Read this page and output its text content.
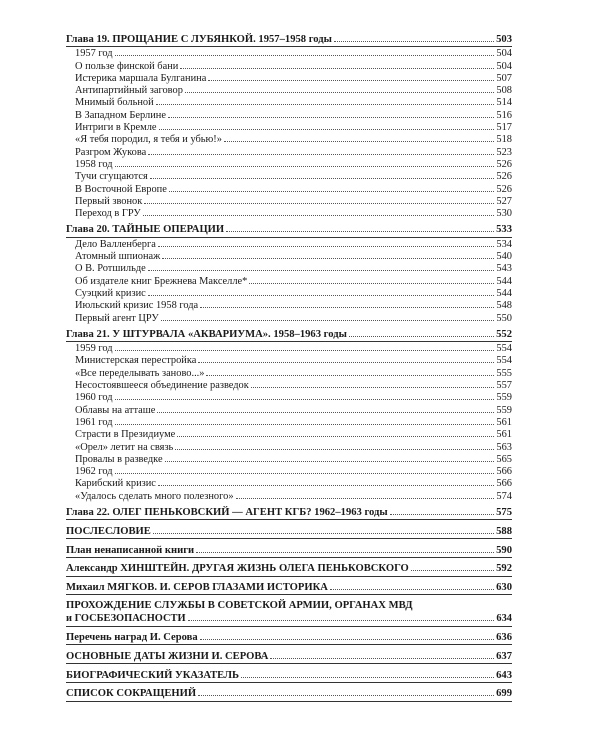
Глава 19. ПРОЩАНИЕ С ЛУБЯНКОЙ. 1957–1958 годы	503
1957 год	504
О пользе финской бани	504
Истерика маршала Булганина	507
Антипартийный заговор	508
Мнимый больной	514
В Западном Берлине	516
Интриги в Кремле	517
«Я тебя породил, я тебя и убью!»	518
Разгром Жукова	523
1958 год	526
Тучи сгущаются	526
В Восточной Европе	526
Первый звонок	527
Переход в ГРУ	530
Глава 20. ТАЙНЫЕ ОПЕРАЦИИ	533
Дело Валленберга	534
Атомный шпионаж	540
О В. Ротшильде	543
Об издателе книг Брежнева Макселле*	544
Суэцкий кризис	544
Июльский кризис 1958 года	548
Первый агент ЦРУ	550
Глава 21. У ШТУРВАЛА «АКВАРИУМА». 1958–1963 годы	552
1959 год	554
Министерская перестройка	554
«Все переделывать заново...»	555
Несостоявшееся объединение разведок	557
1960 год	559
Облавы на атташе	559
1961 год	561
Страсти в Президиуме	561
«Орел» летит на связь	563
Провалы в разведке	565
1962 год	566
Карибский кризис	566
«Удалось сделать много полезного»	574
Глава 22. ОЛЕГ ПЕНЬКОВСКИЙ — АГЕНТ КГБ? 1962–1963 годы	575
ПОСЛЕСЛОВИЕ	588
План ненаписанной книги	590
Александр ХИНШТЕЙН. ДРУГАЯ ЖИЗНЬ ОЛЕГА ПЕНЬКОВСКОГО	592
Михаил МЯГКОВ. И. СЕРОВ ГЛАЗАМИ ИСТОРИКА	630
ПРОХОЖДЕНИЕ СЛУЖБЫ В СОВЕТСКОЙ АРМИИ, ОРГАНАХ МВД
и ГОСБЕЗОПАСНОСТИ	634
Перечень наград И. Серова	636
ОСНОВНЫЕ ДАТЫ ЖИЗНИ И. СЕРОВА	637
БИОГРАФИЧЕСКИЙ УКАЗАТЕЛЬ	643
СПИСОК СОКРАЩЕНИЙ	699
